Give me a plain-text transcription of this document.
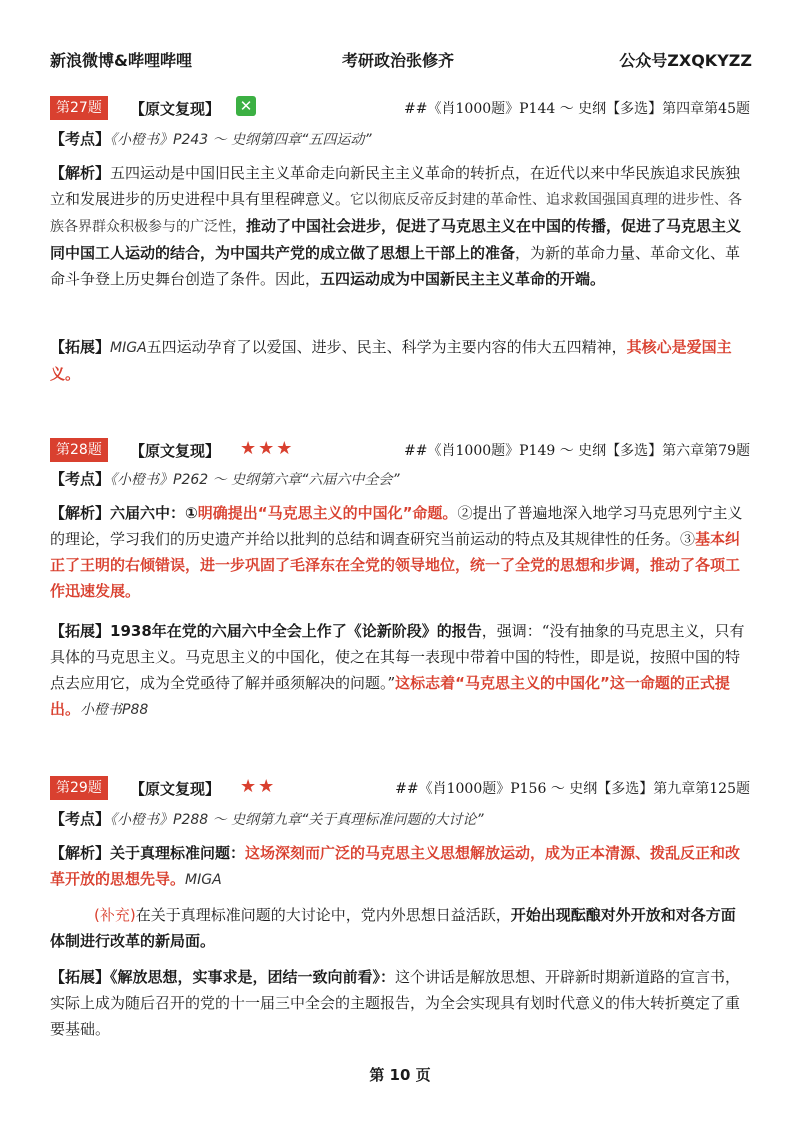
新浪微博&哔哩哔哩	考研政治张修齐	公众号ZXQKYZZ
第27题	【原文复现】 ✕	##《肖1000题》P144 ～ 史纲【多选】第四章第45题
【考点】《小橙书》P243 ～ 史纲第四章“五四运动”
【解析】五四运动是中国旧民主主义革命走向新民主主义革命的转折点，在近代以来中华民族追求民族独立和发展进步的历史进程中具有里程碑意义。它以彻底反帝反封建的革命性、追求救国强国真理的进步性、各族各界群众积极参与的广泛性，推动了中国社会进步，促进了马克思主义在中国的传播，促进了马克思主义同中国工人运动的结合，为中国共产党的成立做了思想上干部上的准备，为新的革命力量、革命文化、革命斗争登上历史舞台创造了条件。因此，五四运动成为中国新民主主义革命的开端。
【拓展】MIGA五四运动孕育了以爱国、进步、民主、科学为主要内容的伟大五四精神，其核心是爱国主义。
第28题	【原文复现】 ★★★	##《肖1000题》P149 ～ 史纲【多选】第六章第79题
【考点】《小橙书》P262 ～ 史纲第六章“六届六中全会”
【解析】六届六中：①明确提出“马克思主义的中国化”命题。②提出了普遍地深入地学习马克思列宁主义的理论，学习我们的历史遗产并给以批判的总结和调查研究当前运动的特点及其规律性的任务。③基本纠正了王明的右倾错误，进一步巩固了毛泽东在全党的领导地位，统一了全党的思想和步调，推动了各项工作迅速发展。
【拓展】1938年在党的六届六中全会上作了《论新阶段》的报告，强调：“没有抽象的马克思主义，只有具体的马克思主义。马克思主义的中国化，使之在其每一表现中带着中国的特性，即是说，按照中国的特点去应用它，成为全党亟待了解并亟须解决的问题。”这标志着“马克思主义的中国化”这一命题的正式提出。小橙书P88
第29题	【原文复现】 ★★	##《肖1000题》P156 ～ 史纲【多选】第九章第125题
【考点】《小橙书》P288 ～ 史纲第九章“关于真理标准问题的大讨论”
【解析】关于真理标准问题：这场深刻而广泛的马克思主义思想解放运动，成为正本清源、拨乱反正和改革开放的思想先导。MIGA
(补充)在关于真理标准问题的大讨论中，党内外思想日益活跃，开始出现酝酿对外开放和对各方面体制进行改革的新局面。
【拓展】《解放思想，实事求是，团结一致向前看》：这个讲话是解放思想、开辟新时期新道路的宣言书，实际上成为随后召开的党的十一届三中全会的主题报告，为全会实现具有划时代意义的伟大转折奠定了重要基础。
第 10 页
